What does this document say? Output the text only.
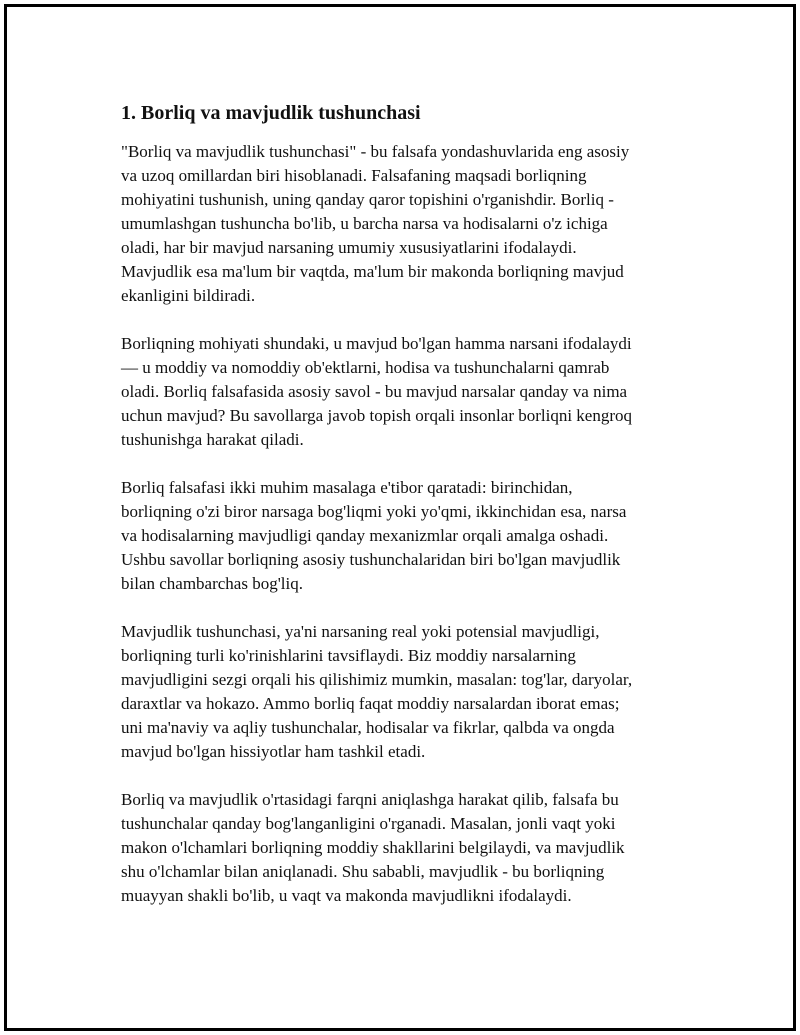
1. Borliq va mavjudlik tushunchasi

"Borliq va mavjudlik tushunchasi" - bu falsafa yondashuvlarida eng asosiy
va uzoq omillardan biri hisoblanadi. Falsafaning maqsadi borliqning
mohiyatini tushunish, uning qanday qaror topishini o'rganishdir. Borliq -
umumlashgan tushuncha bo'lib, u barcha narsa va hodisalarni o'z ichiga
oladi, har bir mavjud narsaning umumiy xususiyatlarini ifodalaydi.
Mavjudlik esa ma'lum bir vaqtda, ma'lum bir makonda borliqning mavjud
ekanligini bildiradi.

Borliqning mohiyati shundaki, u mavjud bo'lgan hamma narsani ifodalaydi
— u moddiy va nomoddiy ob'ektlarni, hodisa va tushunchalarni qamrab
oladi. Borliq falsafasida asosiy savol - bu mavjud narsalar qanday va nima
uchun mavjud? Bu savollarga javob topish orqali insonlar borliqni kengroq
tushunishga harakat qiladi.

Borliq falsafasi ikki muhim masalaga e'tibor qaratadi: birinchidan,
borliqning o'zi biror narsaga bog'liqmi yoki yo'qmi, ikkinchidan esa, narsa
va hodisalarning mavjudligi qanday mexanizmlar orqali amalga oshadi.
Ushbu savollar borliqning asosiy tushunchalaridan biri bo'lgan mavjudlik
bilan chambarchas bog'liq.

Mavjudlik tushunchasi, ya'ni narsaning real yoki potensial mavjudligi,
borliqning turli ko'rinishlarini tavsiflaydi. Biz moddiy narsalarning
mavjudligini sezgi orqali his qilishimiz mumkin, masalan: tog'lar, daryolar,
daraxtlar va hokazo. Ammo borliq faqat moddiy narsalardan iborat emas;
uni ma'naviy va aqliy tushunchalar, hodisalar va fikrlar, qalbda va ongda
mavjud bo'lgan hissiyotlar ham tashkil etadi.

Borliq va mavjudlik o'rtasidagi farqni aniqlashga harakat qilib, falsafa bu
tushunchalar qanday bog'langanligini o'rganadi. Masalan, jonli vaqt yoki
makon o'lchamlari borliqning moddiy shakllarini belgilaydi, va mavjudlik
shu o'lchamlar bilan aniqlanadi. Shu sababli, mavjudlik - bu borliqning
muayyan shakli bo'lib, u vaqt va makonda mavjudlikni ifodalaydi.
